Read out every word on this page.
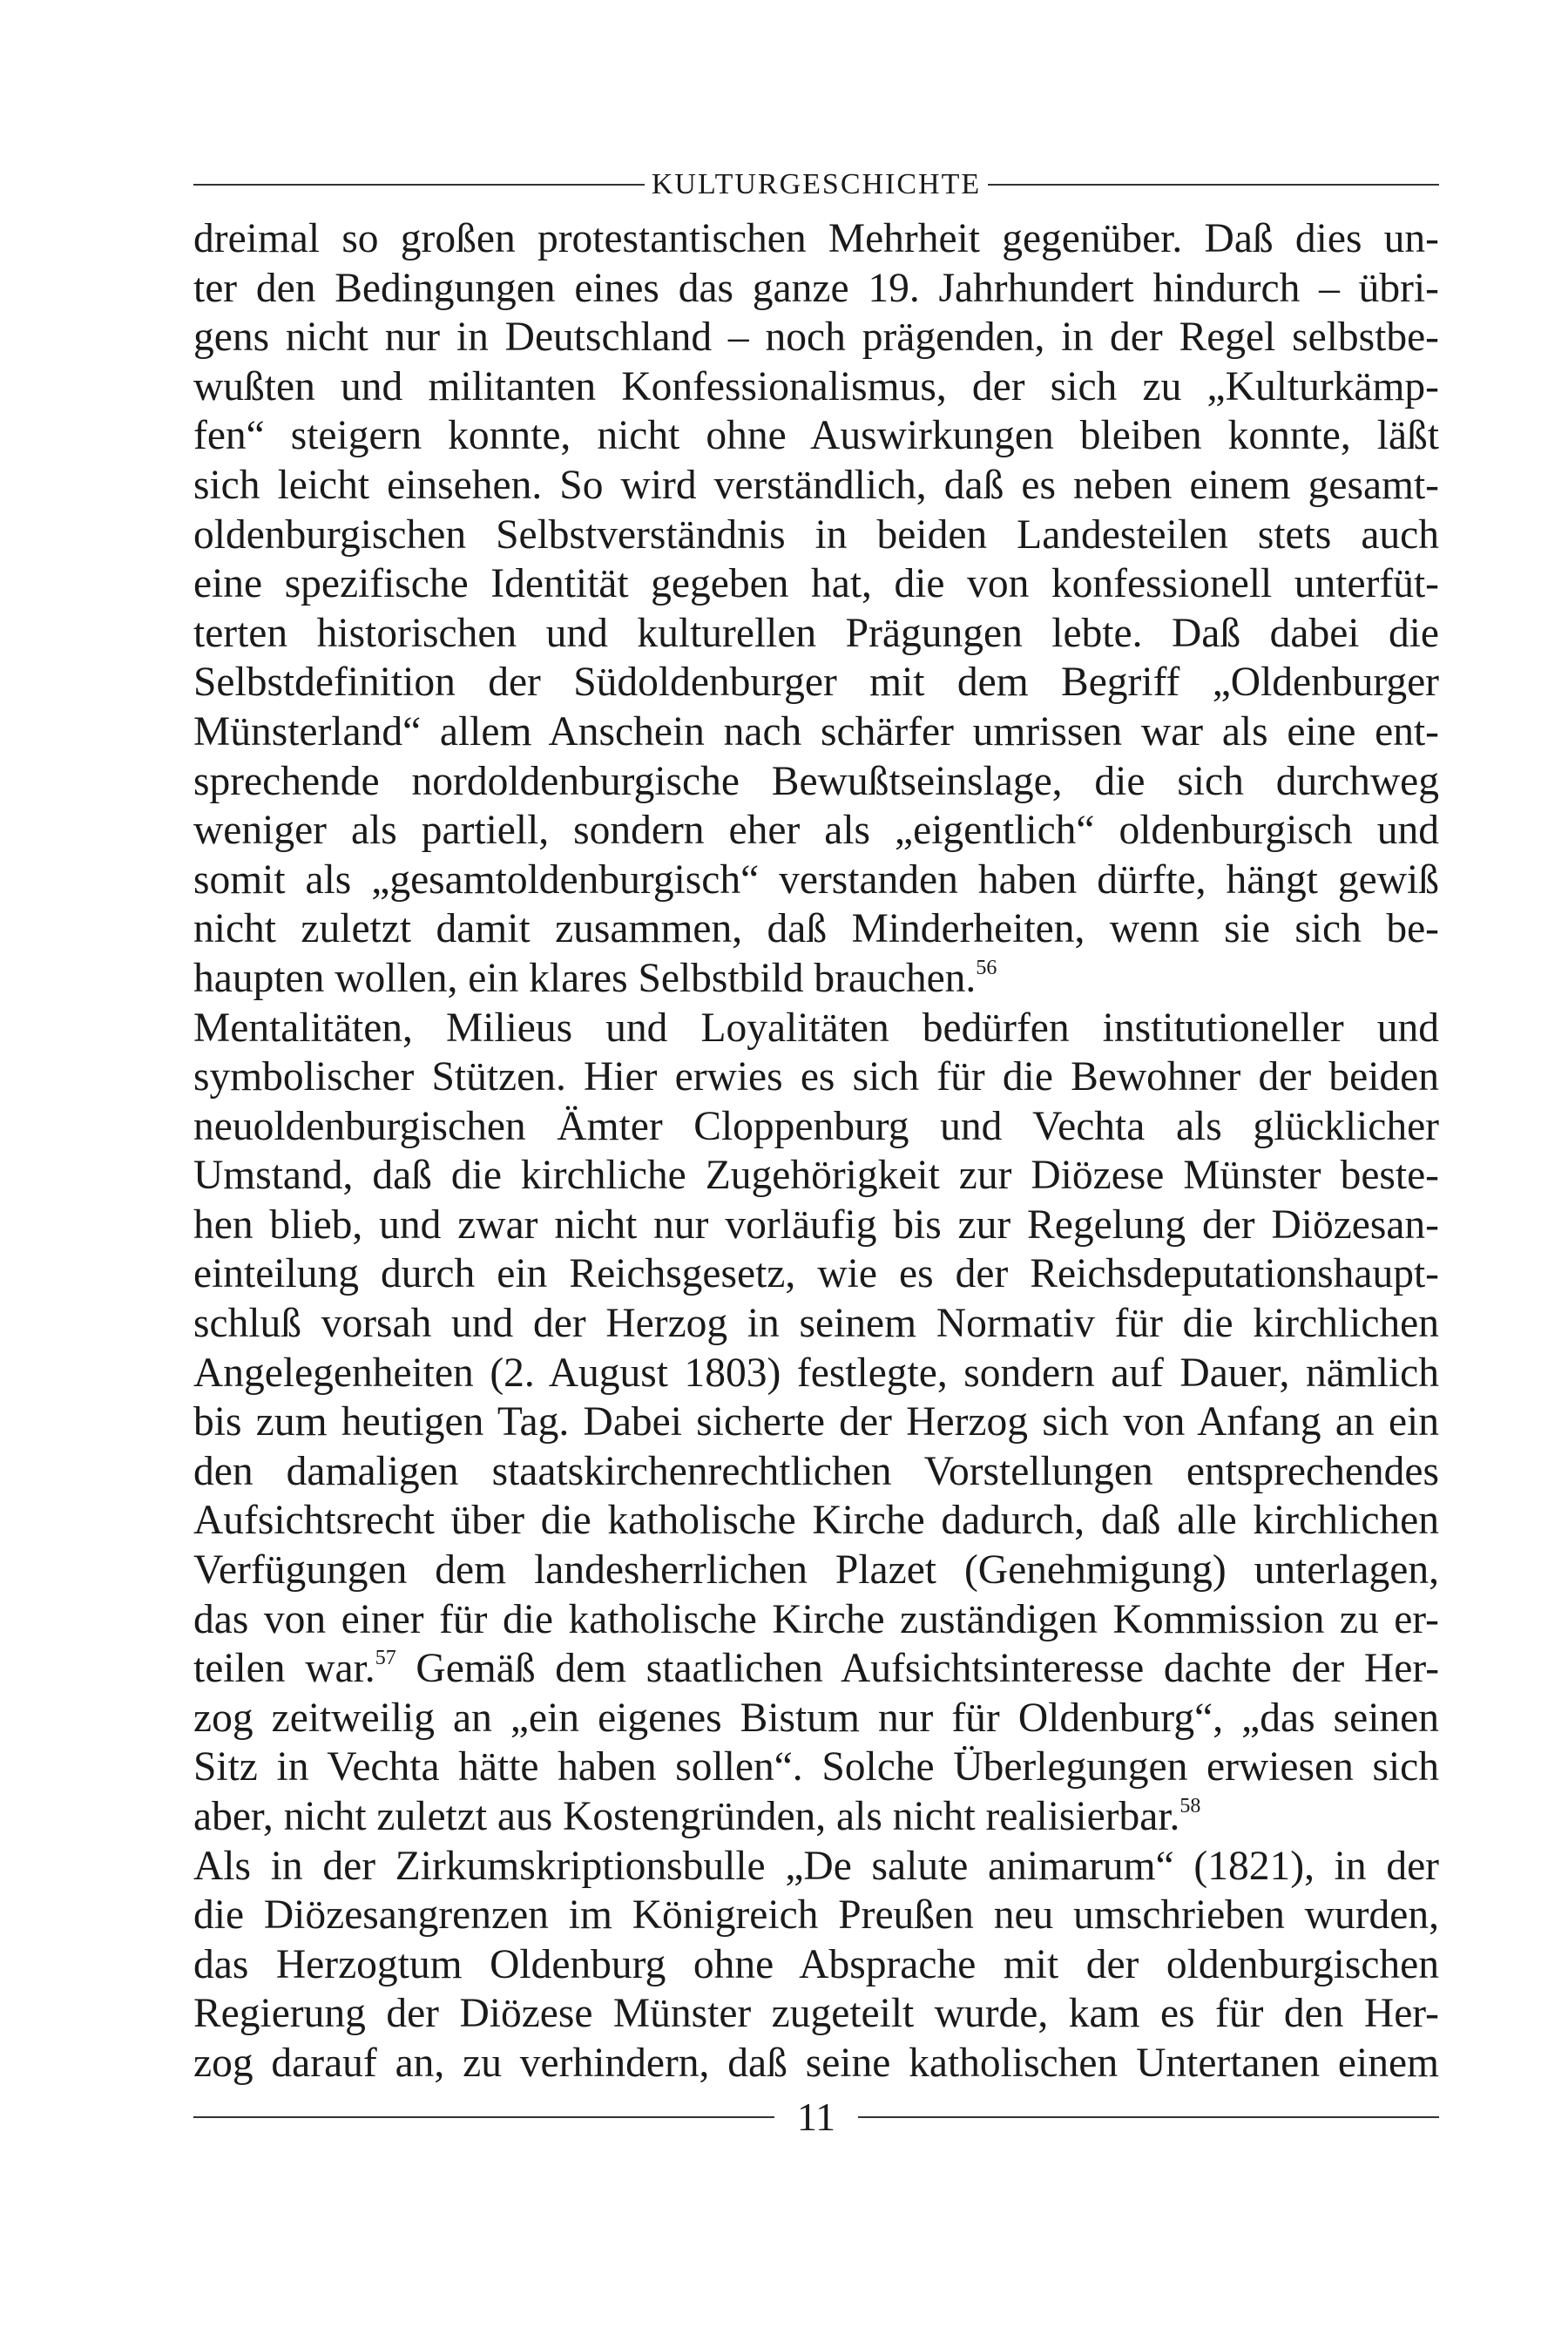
KULTURGESCHICHTE
dreimal so großen protestantischen Mehrheit gegenüber. Daß dies un-
ter den Bedingungen eines das ganze 19. Jahrhundert hindurch – übri-
gens nicht nur in Deutschland – noch prägenden, in der Regel selbstbe-
wußten und militanten Konfessionalismus, der sich zu „Kulturkämp-
fen“ steigern konnte, nicht ohne Auswirkungen bleiben konnte, läßt
sich leicht einsehen. So wird verständlich, daß es neben einem gesamt-
oldenburgischen Selbstverständnis in beiden Landesteilen stets auch
eine spezifische Identität gegeben hat, die von konfessionell unterfüt-
terten historischen und kulturellen Prägungen lebte. Daß dabei die
Selbstdefinition der Südoldenburger mit dem Begriff „Oldenburger
Münsterland“ allem Anschein nach schärfer umrissen war als eine ent-
sprechende nordoldenburgische Bewußtseinslage, die sich durchweg
weniger als partiell, sondern eher als „eigentlich“ oldenburgisch und
somit als „gesamtoldenburgisch“ verstanden haben dürfte, hängt gewiß
nicht zuletzt damit zusammen, daß Minderheiten, wenn sie sich be-
haupten wollen, ein klares Selbstbild brauchen.$^{56}$
Mentalitäten, Milieus und Loyalitäten bedürfen institutioneller und
symbolischer Stützen. Hier erwies es sich für die Bewohner der beiden
neuoldenburgischen Ämter Cloppenburg und Vechta als glücklicher
Umstand, daß die kirchliche Zugehörigkeit zur Diözese Münster beste-
hen blieb, und zwar nicht nur vorläufig bis zur Regelung der Diözesan-
einteilung durch ein Reichsgesetz, wie es der Reichsdeputationshaupt-
schluß vorsah und der Herzog in seinem Normativ für die kirchlichen
Angelegenheiten (2. August 1803) festlegte, sondern auf Dauer, nämlich
bis zum heutigen Tag. Dabei sicherte der Herzog sich von Anfang an ein
den damaligen staatskirchenrechtlichen Vorstellungen entsprechendes
Aufsichtsrecht über die katholische Kirche dadurch, daß alle kirchlichen
Verfügungen dem landesherrlichen Plazet (Genehmigung) unterlagen,
das von einer für die katholische Kirche zuständigen Kommission zu er-
teilen war.$^{57}$ Gemäß dem staatlichen Aufsichtsinteresse dachte der Her-
zog zeitweilig an „ein eigenes Bistum nur für Oldenburg“, „das seinen
Sitz in Vechta hätte haben sollen“. Solche Überlegungen erwiesen sich
aber, nicht zuletzt aus Kostengründen, als nicht realisierbar.$^{58}$
Als in der Zirkumskriptionsbulle „De salute animarum“ (1821), in der
die Diözesangrenzen im Königreich Preußen neu umschrieben wurden,
das Herzogtum Oldenburg ohne Absprache mit der oldenburgischen
Regierung der Diözese Münster zugeteilt wurde, kam es für den Her-
zog darauf an, zu verhindern, daß seine katholischen Untertanen einem
11
